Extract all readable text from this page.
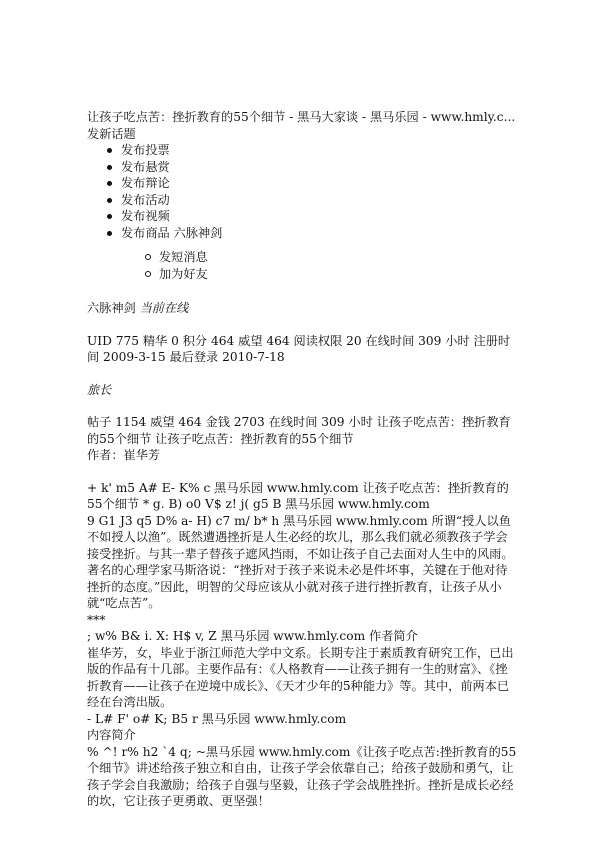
让孩子吃点苦：挫折教育的55个细节 - 黑马大家谈 - 黑马乐园 - www.hmly.c... 发新话题

发布投票
发布悬赏
发布辩论
发布活动
发布视频
发布商品 六脉神剑
发短消息
加为好友

六脉神剑 当前在线

UID 775 精华 0 积分 464 威望 464 阅读权限 20 在线时间 309 小时 注册时间 2009-3-15 最后登录 2010-7-18

旅长

帖子 1154 威望 464 金钱 2703 在线时间 309 小时 让孩子吃点苦：挫折教育的55个细节 让孩子吃点苦：挫折教育的55个细节

作者：崔华芳

+ k' m5 A# E- K% c 黑马乐园 www.hmly.com 让孩子吃点苦：挫折教育的55个细节 * g. B) o0 V$ z! j( g5 B 黑马乐园 www.hmly.com

9 G1 J3 q5 D% a- H) c7 m/ b* h 黑马乐园 www.hmly.com 所谓“授人以鱼不如授人以渔”。既然遭遇挫折是人生必经的坎儿，那么我们就必须教孩子学会接受挫折。与其一辈子替孩子遮风挡雨，不如让孩子自己去面对人生中的风雨。著名的心理学家马斯洛说：“挫折对于孩子来说未必是件坏事，关键在于他对待挫折的态度。”因此，明智的父母应该从小就对孩子进行挫折教育，让孩子从小就“吃点苦”。

***

; w% B& i. X: H$ v, Z 黑马乐园 www.hmly.com 作者简介

崔华芳，女，毕业于浙江师范大学中文系。长期专注于素质教育研究工作，已出版的作品有十几部。主要作品有：《人格教育——让孩子拥有一生的财富》、《挫折教育——让孩子在逆境中成长》、《天才少年的5种能力》等。其中，前两本已经在台湾出版。

- L# F' o# K; B5 r 黑马乐园 www.hmly.com

内容简介

% ^! r% h2 `4 q; ~黑马乐园 www.hmly.com《让孩子吃点苦:挫折教育的55个细节》讲述给孩子独立和自由，让孩子学会依靠自己；给孩子鼓励和勇气，让孩子学会自我激励；给孩子自强与坚毅，让孩子学会战胜挫折。挫折是成长必经的坎，它让孩子更勇敢、更坚强！
